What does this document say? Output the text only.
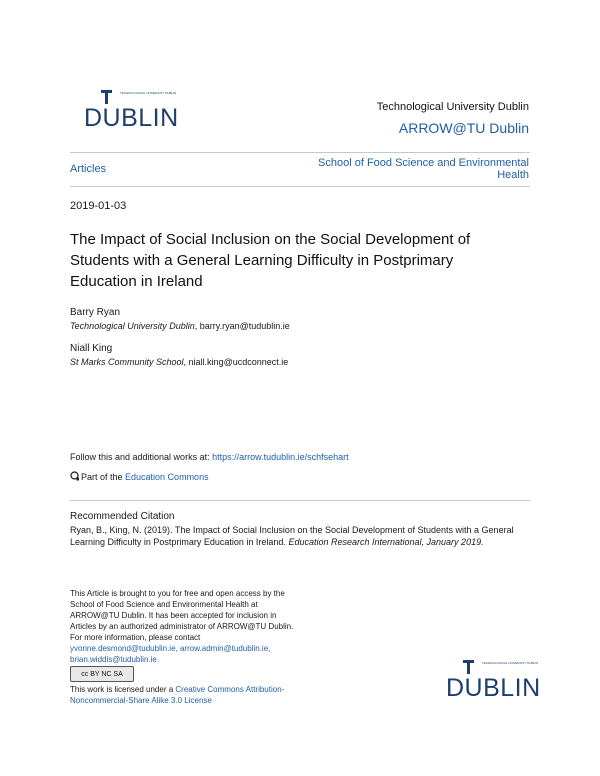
TECHNOLOGICAL UNIVERSITY DUBLIN
DUBLIN	Technological University Dublin
ARROW@TU Dublin
Articles	School of Food Science and Environmental Health
2019-01-03
The Impact of Social Inclusion on the Social Development of Students with a General Learning Difficulty in Postprimary Education in Ireland
Barry Ryan
Technological University Dublin, barry.ryan@tudublin.ie
Niall King
St Marks Community School, niall.king@ucdconnect.ie
Follow this and additional works at: https://arrow.tudublin.ie/schfsehart
Part of the Education Commons
Recommended Citation
Ryan, B., King, N. (2019). The Impact of Social Inclusion on the Social Development of Students with a General Learning Difficulty in Postprimary Education in Ireland. Education Research International, January 2019.
This Article is brought to you for free and open access by the School of Food Science and Environmental Health at ARROW@TU Dublin. It has been accepted for inclusion in Articles by an authorized administrator of ARROW@TU Dublin. For more information, please contact yvonne.desmond@tudublin.ie, arrow.admin@tudublin.ie, brian.widdis@tudublin.ie.
cc BY NC SA
This work is licensed under a Creative Commons Attribution-Noncommercial-Share Alike 3.0 License
TECHNOLOGICAL UNIVERSITY DUBLIN
DUBLIN
